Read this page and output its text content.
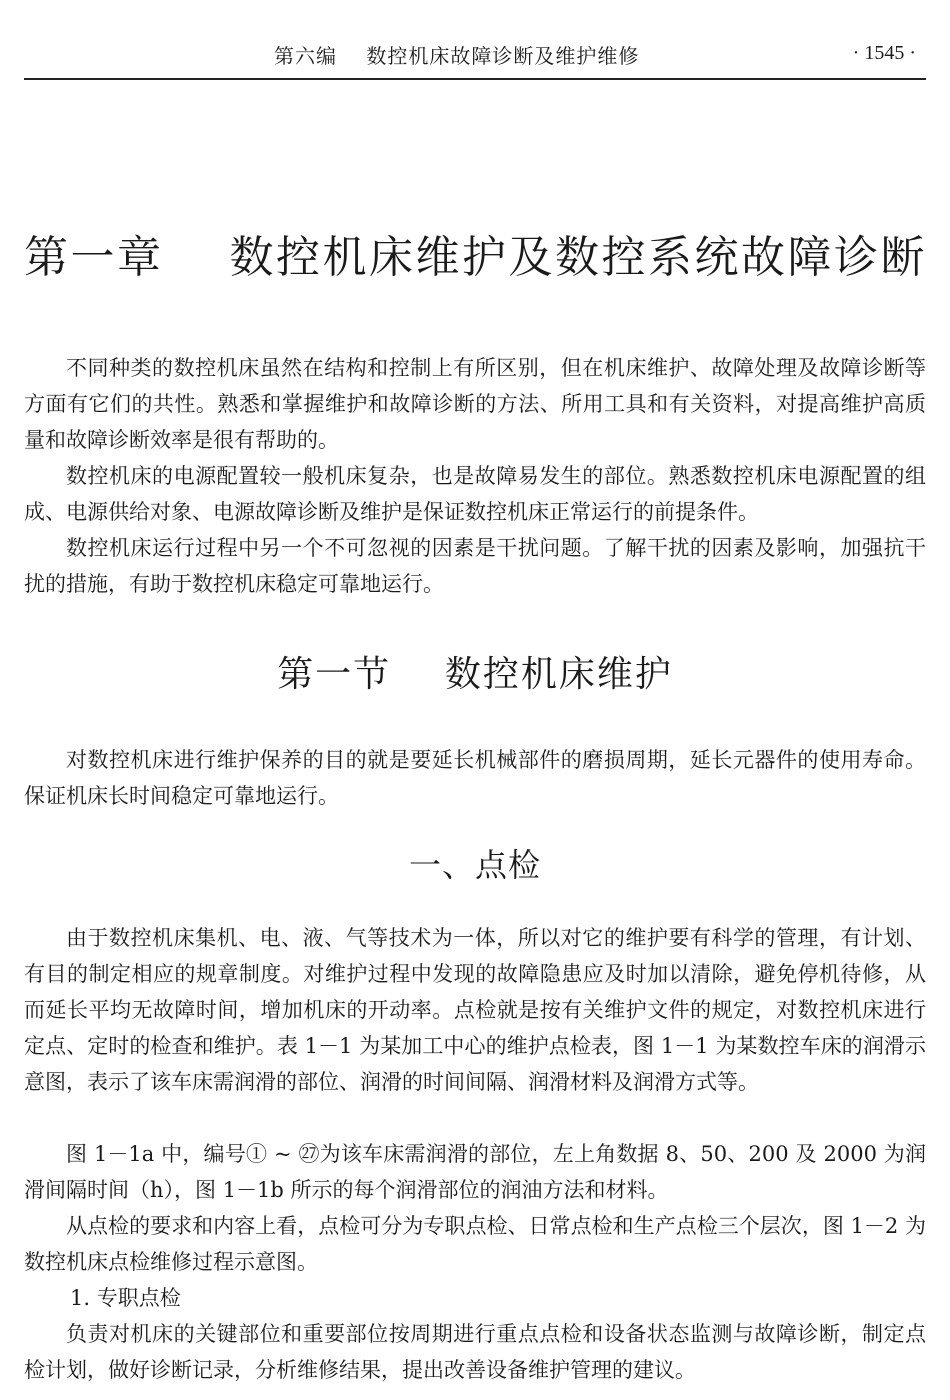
第六编    数控机床故障诊断及维护维修	· 1545 ·
第一章    数控机床维护及数控系统故障诊断

不同种类的数控机床虽然在结构和控制上有所区别，但在机床维护、故障处理及故障诊断等方面有它们的共性。熟悉和掌握维护和故障诊断的方法、所用工具和有关资料，对提高维护高质量和故障诊断效率是很有帮助的。

数控机床的电源配置较一般机床复杂，也是故障易发生的部位。熟悉数控机床电源配置的组成、电源供给对象、电源故障诊断及维护是保证数控机床正常运行的前提条件。

数控机床运行过程中另一个不可忽视的因素是干扰问题。了解干扰的因素及影响，加强抗干扰的措施，有助于数控机床稳定可靠地运行。

第一节    数控机床维护

对数控机床进行维护保养的目的就是要延长机械部件的磨损周期，延长元器件的使用寿命。保证机床长时间稳定可靠地运行。

一、点检

由于数控机床集机、电、液、气等技术为一体，所以对它的维护要有科学的管理，有计划、有目的制定相应的规章制度。对维护过程中发现的故障隐患应及时加以清除，避免停机待修，从而延长平均无故障时间，增加机床的开动率。点检就是按有关维护文件的规定，对数控机床进行定点、定时的检查和维护。表 1－1 为某加工中心的维护点检表，图 1－1 为某数控车床的润滑示意图，表示了该车床需润滑的部位、润滑的时间间隔、润滑材料及润滑方式等。

图 1－1a 中，编号① ~ ㉗为该车床需润滑的部位，左上角数据 8、50、200 及 2000 为润滑间隔时间（h），图 1－1b 所示的每个润滑部位的润油方法和材料。

从点检的要求和内容上看，点检可分为专职点检、日常点检和生产点检三个层次，图 1－2 为数控机床点检维修过程示意图。

1. 专职点检

负责对机床的关键部位和重要部位按周期进行重点点检和设备状态监测与故障诊断，制定点检计划，做好诊断记录，分析维修结果，提出改善设备维护管理的建议。
